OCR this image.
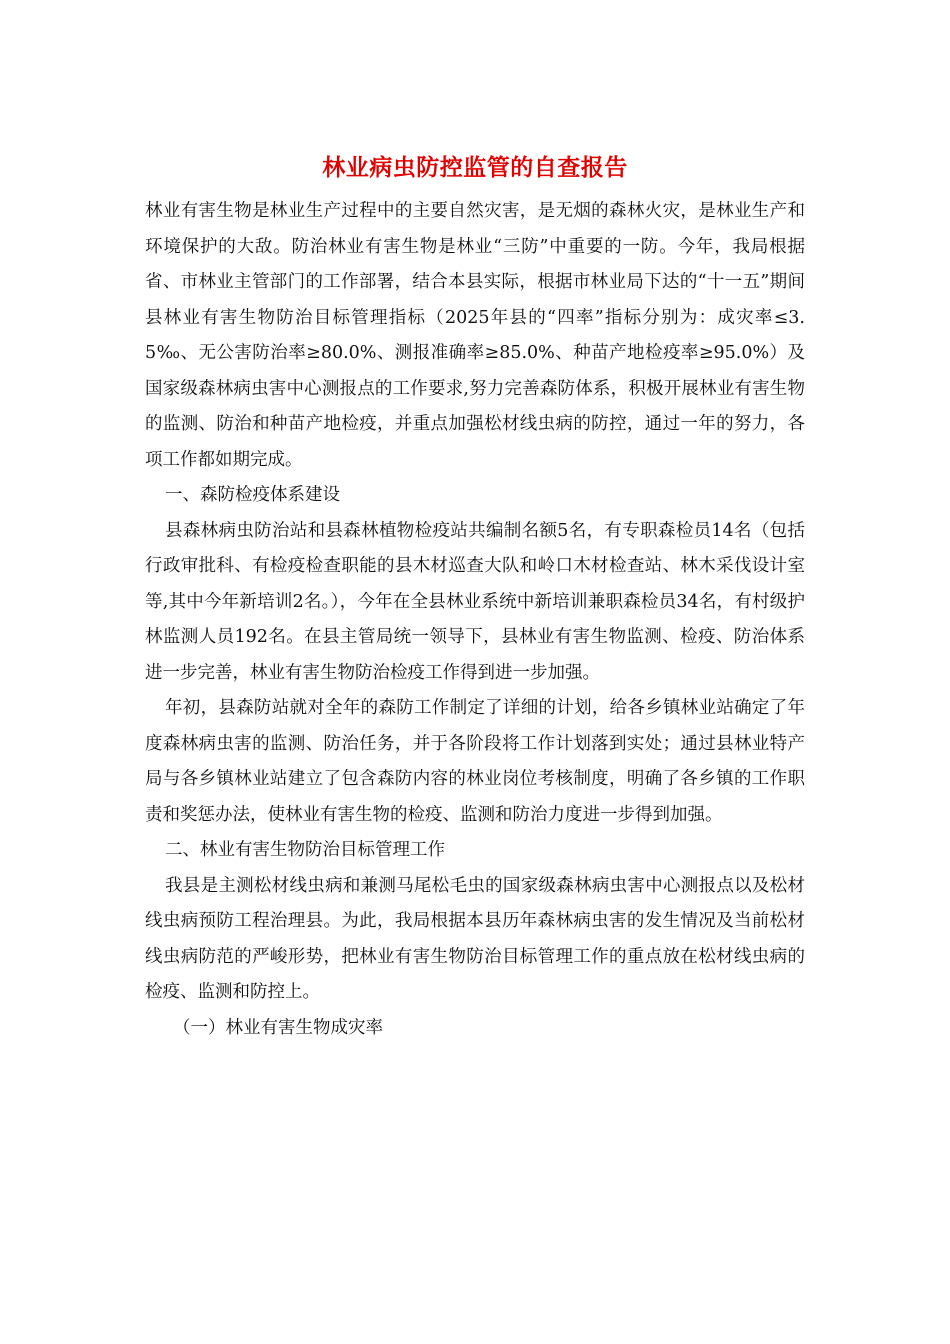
林业病虫防控监管的自查报告

林业有害生物是林业生产过程中的主要自然灾害，是无烟的森林火灾，是林业生产和环境保护的大敌。防治林业有害生物是林业“三防”中重要的一防。今年，我局根据省、市林业主管部门的工作部署，结合本县实际，根据市林业局下达的“十一五”期间县林业有害生物防治目标管理指标（2025年县的“四率”指标分别为：成灾率≤3.5‰、无公害防治率≥80.0%、测报准确率≥85.0%、种苗产地检疫率≥95.0%）及国家级森林病虫害中心测报点的工作要求,努力完善森防体系，积极开展林业有害生物的监测、防治和种苗产地检疫，并重点加强松材线虫病的防控，通过一年的努力，各项工作都如期完成。

一、森防检疫体系建设

县森林病虫防治站和县森林植物检疫站共编制名额5名，有专职森检员14名（包括行政审批科、有检疫检查职能的县木材巡查大队和岭口木材检查站、林木采伐设计室等,其中今年新培训2名。），今年在全县林业系统中新培训兼职森检员34名，有村级护林监测人员192名。在县主管局统一领导下，县林业有害生物监测、检疫、防治体系进一步完善，林业有害生物防治检疫工作得到进一步加强。

年初，县森防站就对全年的森防工作制定了详细的计划，给各乡镇林业站确定了年度森林病虫害的监测、防治任务，并于各阶段将工作计划落到实处；通过县林业特产局与各乡镇林业站建立了包含森防内容的林业岗位考核制度，明确了各乡镇的工作职责和奖惩办法，使林业有害生物的检疫、监测和防治力度进一步得到加强。

二、林业有害生物防治目标管理工作

我县是主测松材线虫病和兼测马尾松毛虫的国家级森林病虫害中心测报点以及松材线虫病预防工程治理县。为此，我局根据本县历年森林病虫害的发生情况及当前松材线虫病防范的严峻形势，把林业有害生物防治目标管理工作的重点放在松材线虫病的检疫、监测和防控上。

（一）林业有害生物成灾率
